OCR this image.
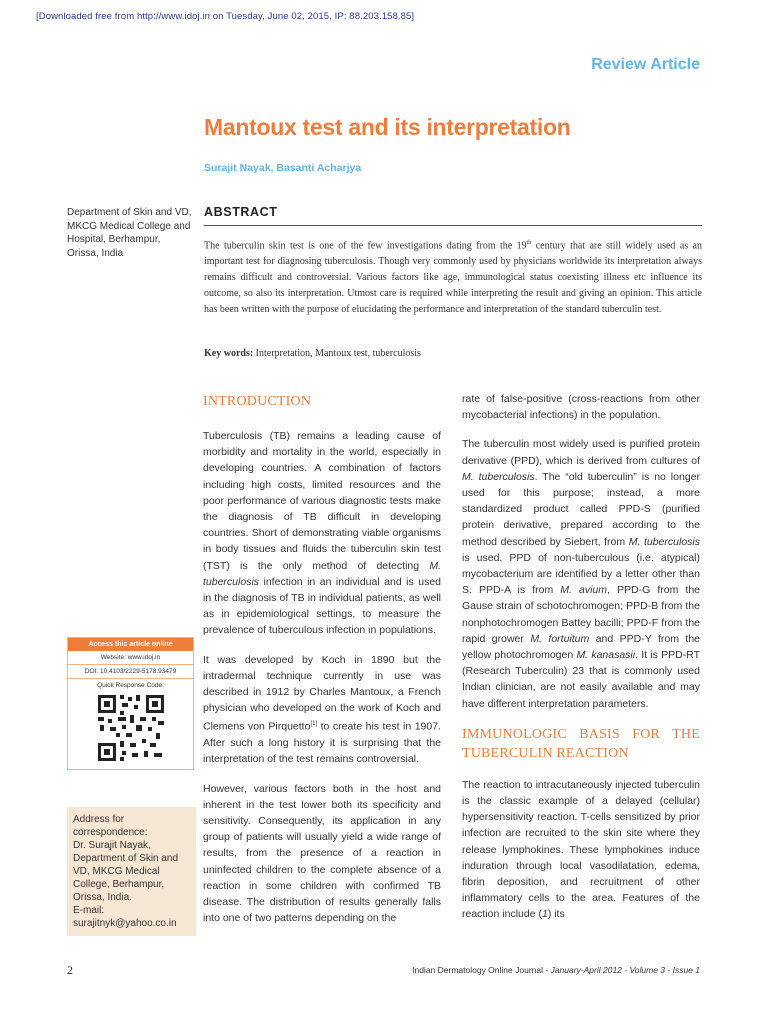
[Downloaded free from http://www.idoj.in on Tuesday, June 02, 2015, IP: 88.203.158.85]
Review Article
Mantoux test and its interpretation
Surajit Nayak, Basanti Acharjya
Department of Skin and VD, MKCG Medical College and Hospital, Berhampur, Orissa, India
ABSTRACT
The tuberculin skin test is one of the few investigations dating from the 19th century that are still widely used as an important test for diagnosing tuberculosis. Though very commonly used by physicians worldwide its interpretation always remains difficult and controversial. Various factors like age, immunological status coexisting illness etc influence its outcome, so also its interpretation. Utmost care is required while interpreting the result and giving an opinion. This article has been written with the purpose of elucidating the performance and interpretation of the standard tuberculin test.
Key words: Interpretation, Mantoux test, tuberculosis
INTRODUCTION

Tuberculosis (TB) remains a leading cause of morbidity and mortality in the world, especially in developing countries. A combination of factors including high costs, limited resources and the poor performance of various diagnostic tests make the diagnosis of TB difficult in developing countries. Short of demonstrating viable organisms in body tissues and fluids the tuberculin skin test (TST) is the only method of detecting M. tuberculosis infection in an individual and is used in the diagnosis of TB in individual patients, as well as in epidemiological settings, to measure the prevalence of tuberculous infection in populations.

It was developed by Koch in 1890 but the intradermal technique currently in use was described in 1912 by Charles Mantoux, a French physician who developed on the work of Koch and Clemens von Pirquetto[1] to create his test in 1907. After such a long history it is surprising that the interpretation of the test remains controversial.

However, various factors both in the host and inherent in the test lower both its specificity and sensitivity. Consequently, its application in any group of patients will usually yield a wide range of results, from the presence of a reaction in uninfected children to the complete absence of a reaction in some children with confirmed TB disease. The distribution of results generally falls into one of two patterns depending on the

rate of false-positive (cross-reactions from other mycobacterial infections) in the population.

The tuberculin most widely used is purified protein derivative (PPD), which is derived from cultures of M. tuberculosis. The “old tuberculin” is no longer used for this purpose; instead, a more standardized product called PPD-S (purified protein derivative, prepared according to the method described by Siebert, from M. tuberculosis is used. PPD of non-tuberculous (i.e. atypical) mycobacterium are identified by a letter other than S. PPD-A is from M. avium, PPD-G from the Gause strain of schotochromogen; PPD-B from the nonphotochromogen Battey bacilli; PPD-F from the rapid grower M. fortuitum and PPD-Y from the yellow photochromogen M. kanasasii. It is PPD-RT (Research Tuberculin) 23 that is commonly used Indian clinician, are not easily available and may have different interpretation parameters.

IMMUNOLOGIC BASIS FOR THE TUBERCULIN REACTION

The reaction to intracutaneously injected tuberculin is the classic example of a delayed (cellular) hypersensitivity reaction. T-cells sensitized by prior infection are recruited to the skin site where they release lymphokines. These lymphokines induce induration through local vasodilatation, edema, fibrin deposition, and recruitment of other inflammatory cells to the area. Features of the reaction include (1) its

Access this article online
Website: www.idoj.in
DOI: 10.4103/2229-5178.93479
Quick Response Code:
Address for correspondence:
Dr. Surajit Nayak, Department of Skin and VD, MKCG Medical College, Berhampur, Orissa, India.
E-mail:
surajitnyk@yahoo.co.in
2	Indian Dermatology Online Journal - January-April 2012 - Volume 3 - Issue 1
